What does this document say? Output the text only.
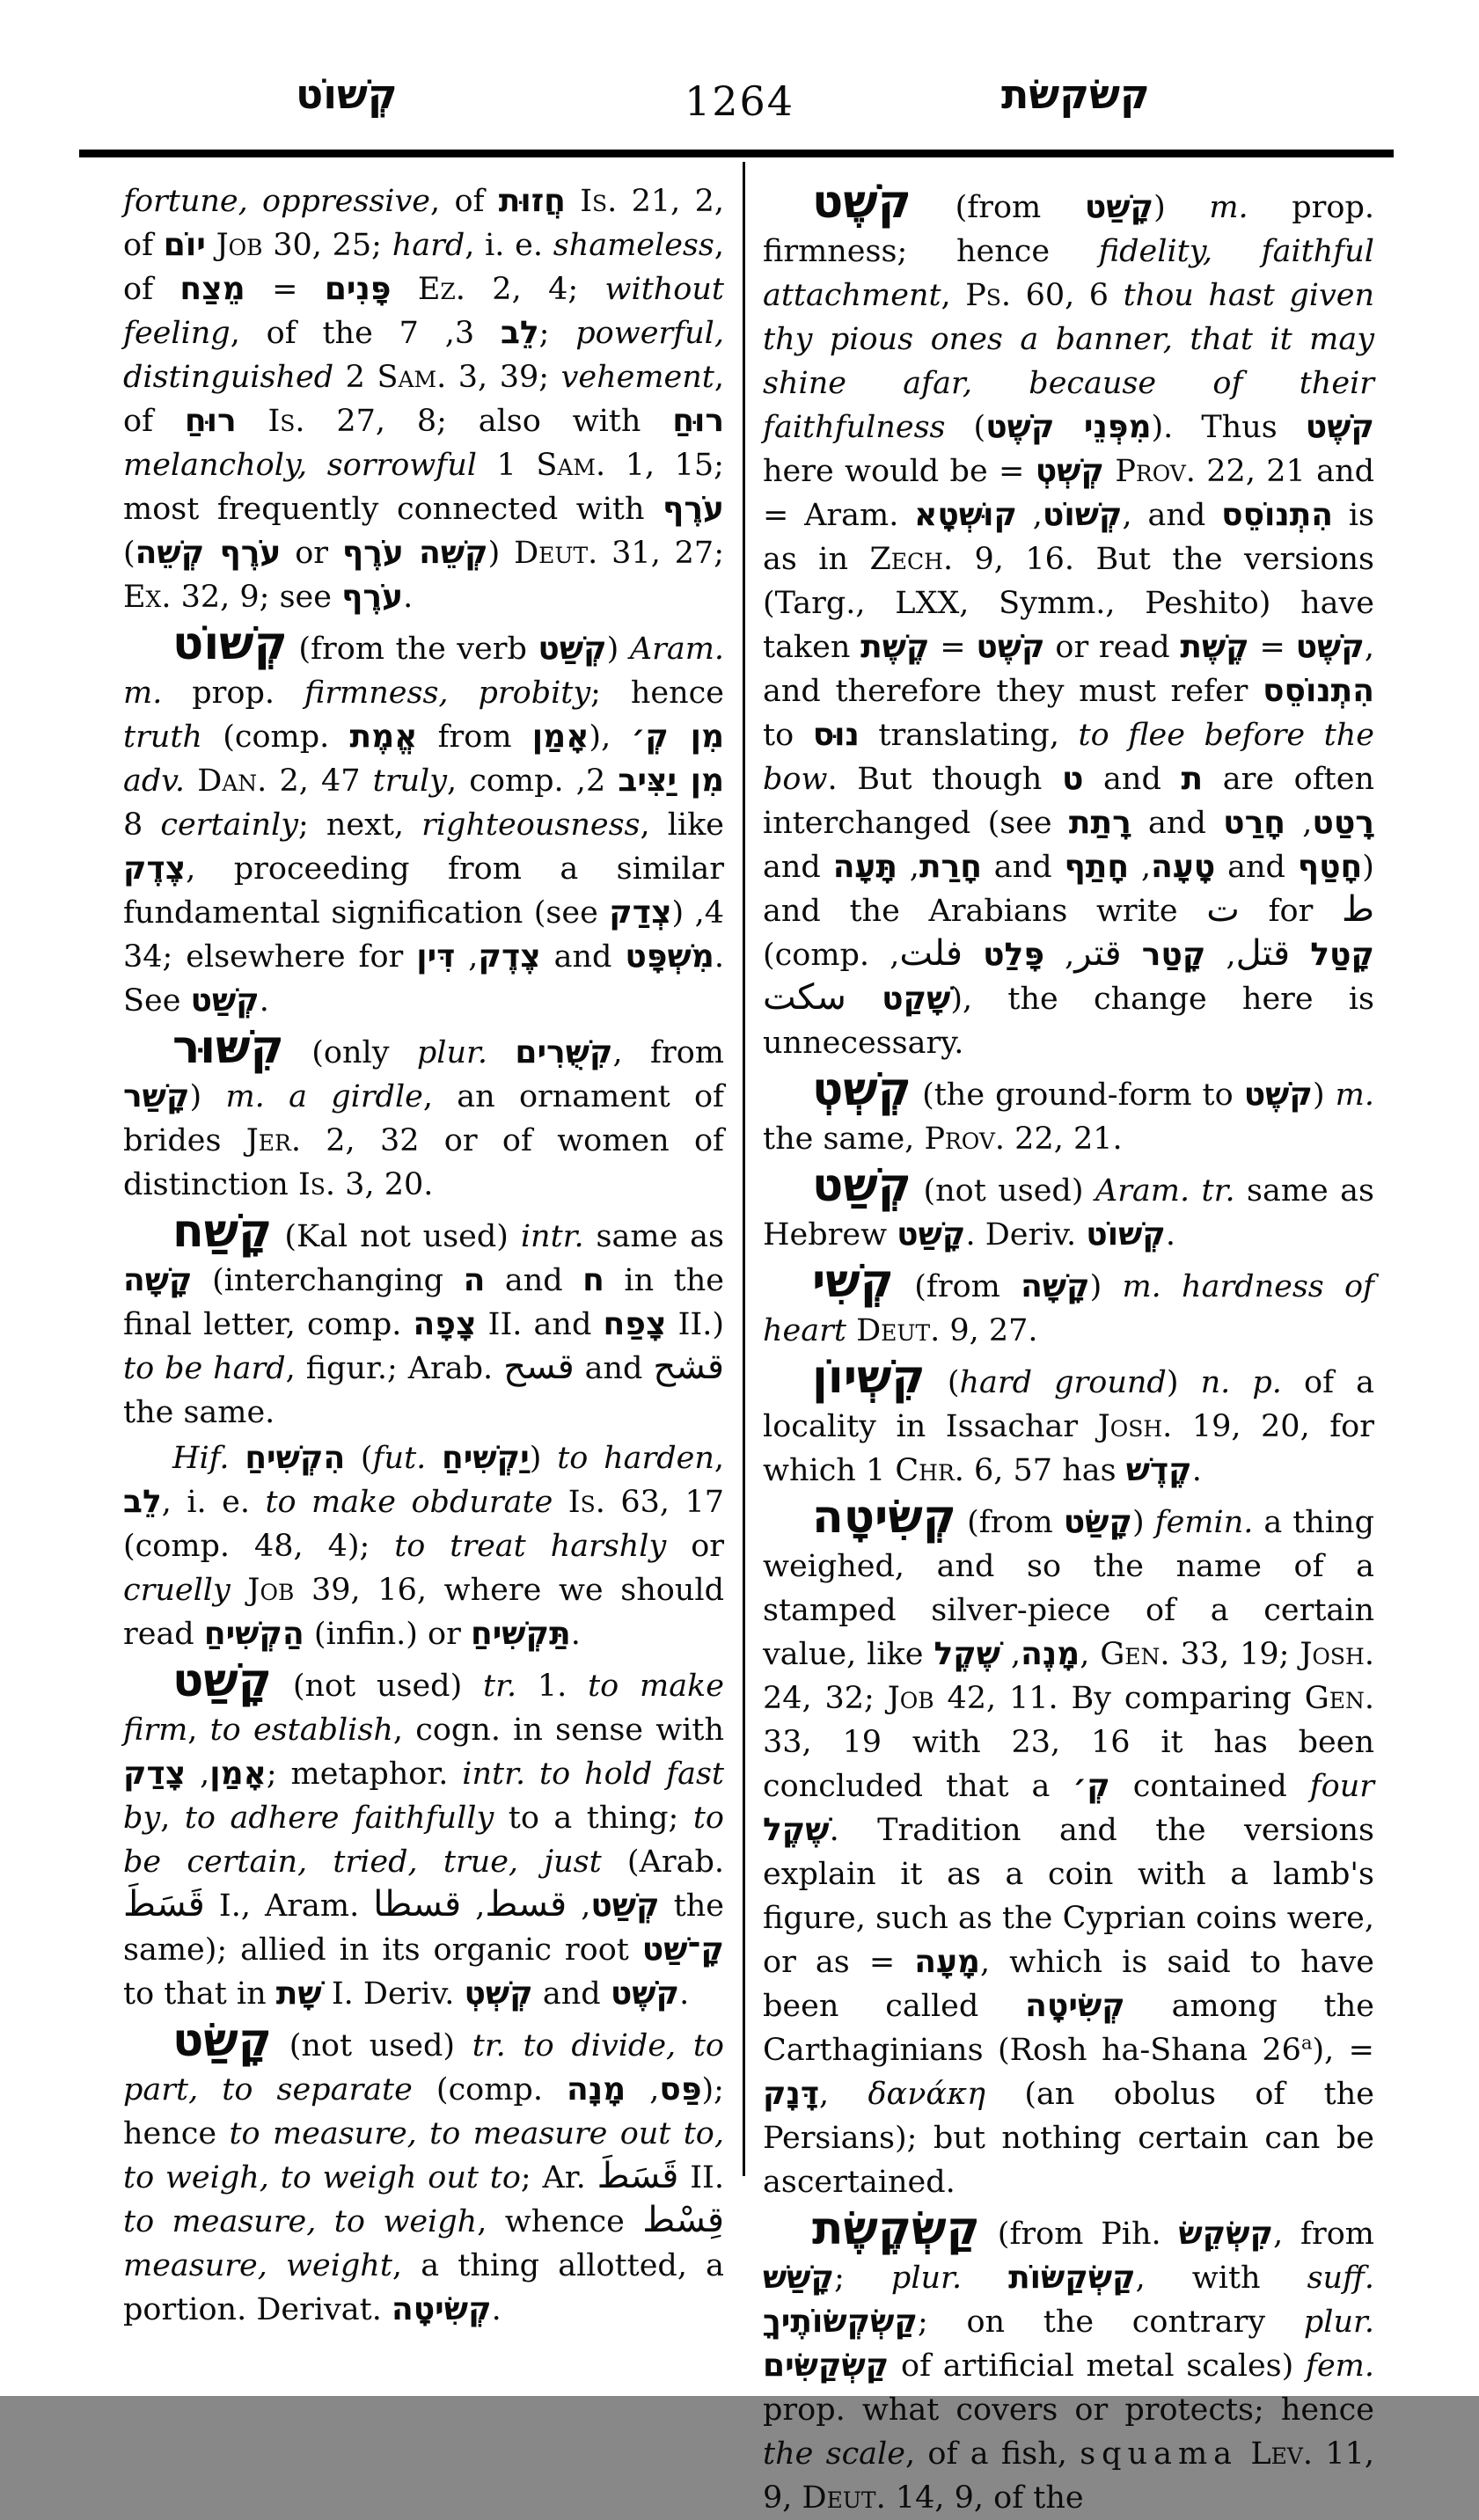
קְשׁוֹט	1264	קשׂקשׂת

fortune, oppressive, of חֲזוּת Is. 21, 2, of יוֹם Job 30, 25; hard, i. e. shameless, of	פָּנִים = מֵצַח	Ez. 2, 4; without feeling, of the	לֵב 3, 7; powerful, distinguished 2 Sam. 3, 39; vehement, of רוּחַ Is. 27, 8; also with רוּחַ melancholy, sorrowful 1 Sam. 1, 15; most frequently connected with עֹרֶף (עֹרֶף קְשֵׁה or קְשֵׁה עֹרֶף) Deut. 31, 27; Ex. 32, 9; see עֹרֶף.

קְשׁוֹט (from the verb קְשַׁט) Aram. m. prop. firmness, probity; hence truth (comp. אֱמֶת from אָמַן), מִן קְ׳ adv. Dan. 2, 47 truly, comp. מִן יַצִּיב 2, 8 certainly; next, righteousness, like צֶדֶק, proceeding from a similar fundamental signification (see צְדַק) 4, 34; elsewhere for צֶדֶק, דִּין	and מִשְׁפָּט. See קְשַׁט.

קִשּׁוּר (only plur. קִשֻּׁרִים, from קָשַׁר) m. a girdle, an ornament of brides Jer. 2, 32 or of women of distinction Is. 3, 20.

קָשַׁח (Kal not used) intr. same as קָשָׁה (interchanging ה and ח in the final letter, comp. צָפָה II. and צָפַח II.) to be hard, figur.; Arab. قسح and قشح the same.

Hif. הִקְשִׁיחַ (fut. יַקְשִׁיחַ) to harden, לֵב, i. e. to make obdurate Is. 63, 17 (comp. 48, 4); to treat harshly or cruelly Job 39, 16, where we should read הַקְשִׁיחַ (infin.) or תַּקְשִׁיחַ.

קָשַׁט (not used) tr. 1. to make firm, to establish, cogn. in sense with אָמַן, צָדַק	; metaphor. intr. to hold fast by, to adhere faithfully to a thing; to be certain, tried, true, just (Arab. قَسَطَ I., Aram.	קְשַׁט, قسط, قسطا	the same); allied in its organic root קָ־שַׁט to that in שָׁת I. Deriv. קְשְׁטְ and קֹשֶׁט.

קָשַׂט (not used) tr. to divide, to part, to separate (comp.	פַּס, מָנָה ); hence to measure, to measure out to, to weigh, to weigh out to; Ar. قَسَطَ II. to measure, to weigh, whence قِسْط measure, weight, a thing allotted, a portion. Derivat. קְשִׂיטָה.

קֹשֶׁט (from קָשַׁט) m. prop. firmness; hence fidelity, faithful attachment, Ps. 60, 6 thou hast given thy pious ones a banner, that it may shine afar, because of their faithfulness (מִפְּנֵי קֹשֶׁט). Thus קֹשֶׁט here would be = קְשְׁטְ Prov. 22, 21 and = Aram.	קְשׁוֹט, קוּשְׁטָא	, and הִתְנוֹסֵס is as in Zech. 9, 16. But the versions (Targ., LXX, Symm., Peshito) have taken	קֹשֶׁט = קֶשֶׁת	or read	קֹשֶׁט = קֶשֶׁת	, and therefore they must refer הִתְנוֹסֵס to נוּס translating, to flee before the bow. But though ט and ת are often interchanged (see רָתַת and	רָטַט, חָרַט and	חָרַת, תָּעָה	and	טָעָה, חָתַף	and חָטַף) and the Arabians write ت for ط (comp.	קָטַל قتل, קָטַר قتر, פָּלַט فلت, שָׁקַט سكت	), the change here is unnecessary.

קְשְׁטְ (the ground-form to קֹשֶׁט) m. the same, Prov. 22, 21.

קְשַׁט (not used) Aram. tr. same as Hebrew קָשַׁט. Deriv. קְשׁוֹט.

קְשִׁי (from קָשָׁה) m. hardness of heart Deut. 9, 27.

קִשְׁיוֹן (hard ground) n. p. of a locality in Issachar Josh. 19, 20, for which 1 Chr. 6, 57 has קֶדֶשׁ.

קְשִׂיטָה (from קָשַׂט) femin. a thing weighed, and so the name of a stamped silver-piece of a certain value, like	מָנֶה, שֶׁקֶל	, Gen. 33, 19; Josh. 24, 32; Job 42, 11. By comparing Gen. 33, 19 with 23, 16 it has been concluded that a קְ׳ contained four שֶׁקֶל. Tradition and the versions explain it as a coin with a lamb's figure, such as the Cyprian coins were, or as = מָעָה, which is said to have been called קְשִׂיטָה among the Carthaginians (Rosh ha-Shana $26^a$), = דָּנָק, δανάκη (an obolus of the Persians); but nothing certain can be ascertained.

קַשְׂקֶשֶׂת (from Pih. קִשְׂקֵשׂ, from קָשַׁשׁ; plur. קַשְׂקַשּׂוֹת, with suff. קַשְׂקְשׂוֹתֶיךָ; on the contrary plur. קַשְׂקַשִּׂים of artificial metal scales) fem. prop. what covers or protects; hence the scale, of a fish, squama Lev. 11, 9, Deut. 14, 9, of the
